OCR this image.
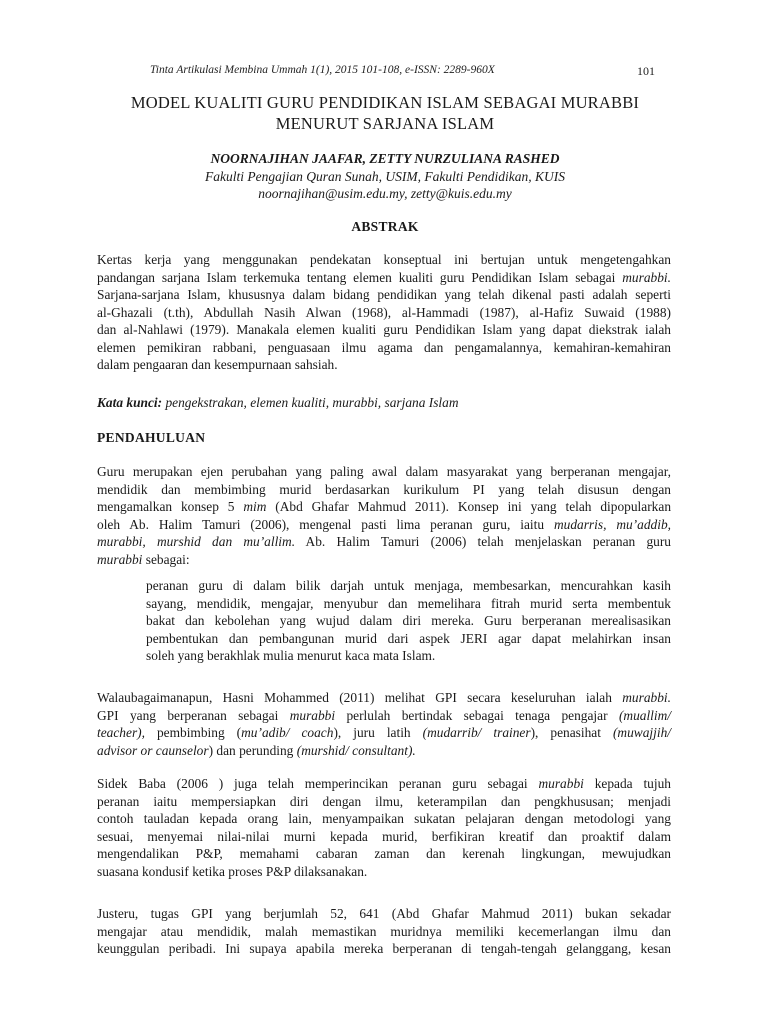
Tinta Artikulasi Membina Ummah 1(1), 2015 101-108, e-ISSN: 2289-960X	101
MODEL KUALITI GURU PENDIDIKAN ISLAM SEBAGAI MURABBI
MENURUT SARJANA ISLAM
NOORNAJIHAN JAAFAR, ZETTY NURZULIANA RASHED
Fakulti Pengajian Quran Sunah, USIM, Fakulti Pendidikan, KUIS
noornajihan@usim.edu.my, zetty@kuis.edu.my
ABSTRAK
Kertas kerja yang menggunakan pendekatan konseptual ini bertujan untuk mengetengahkan
pandangan sarjana Islam terkemuka tentang elemen kualiti guru Pendidikan Islam sebagai murabbi.
Sarjana-sarjana Islam, khususnya dalam bidang pendidikan yang telah dikenal pasti adalah seperti
al-Ghazali (t.th), Abdullah Nasih Alwan (1968), al-Hammadi (1987), al-Hafiz Suwaid (1988)
dan al-Nahlawi (1979). Manakala elemen kualiti guru Pendidikan Islam yang dapat diekstrak ialah
elemen pemikiran rabbani, penguasaan ilmu agama dan pengamalannya, kemahiran-kemahiran
dalam pengaaran dan kesempurnaan sahsiah.
Kata kunci: pengekstrakan, elemen kualiti, murabbi, sarjana Islam
PENDAHULUAN
Guru merupakan ejen perubahan yang paling awal dalam masyarakat yang berperanan mengajar,
mendidik dan membimbing murid berdasarkan kurikulum PI yang telah disusun dengan
mengamalkan konsep 5 mim (Abd Ghafar Mahmud 2011). Konsep ini yang telah dipopularkan
oleh Ab. Halim Tamuri (2006), mengenal pasti lima peranan guru, iaitu mudarris, mu’addib,
murabbi, murshid dan mu’allim. Ab. Halim Tamuri (2006) telah menjelaskan peranan guru
murabbi sebagai:
peranan guru di dalam bilik darjah untuk menjaga, membesarkan, mencurahkan kasih
sayang, mendidik, mengajar, menyubur dan memelihara fitrah murid serta membentuk
bakat dan kebolehan yang wujud dalam diri mereka. Guru berperanan merealisasikan
pembentukan dan pembangunan murid dari aspek JERI agar dapat melahirkan insan
soleh yang berakhlak mulia menurut kaca mata Islam.
Walaubagaimanapun, Hasni Mohammed (2011) melihat GPI secara keseluruhan ialah murabbi.
GPI yang berperanan sebagai murabbi perlulah bertindak sebagai tenaga pengajar (muallim/
teacher), pembimbing (mu’adib/ coach), juru latih (mudarrib/ trainer), penasihat (muwajjih/
advisor or caunselor) dan perunding (murshid/ consultant).
Sidek Baba (2006 ) juga telah memperincikan peranan guru sebagai murabbi kepada tujuh
peranan iaitu mempersiapkan diri dengan ilmu, keterampilan dan pengkhususan; menjadi
contoh tauladan kepada orang lain, menyampaikan sukatan pelajaran dengan metodologi yang
sesuai, menyemai nilai-nilai murni kepada murid, berfikiran kreatif dan proaktif dalam
mengendalikan P&P, memahami cabaran zaman dan kerenah lingkungan, mewujudkan
suasana kondusif ketika proses P&P dilaksanakan.
Justeru, tugas GPI yang berjumlah 52, 641 (Abd Ghafar Mahmud 2011) bukan sekadar
mengajar atau mendidik, malah memastikan muridnya memiliki kecemerlangan ilmu dan
keunggulan peribadi. Ini supaya apabila mereka berperanan di tengah-tengah gelanggang, kesan
